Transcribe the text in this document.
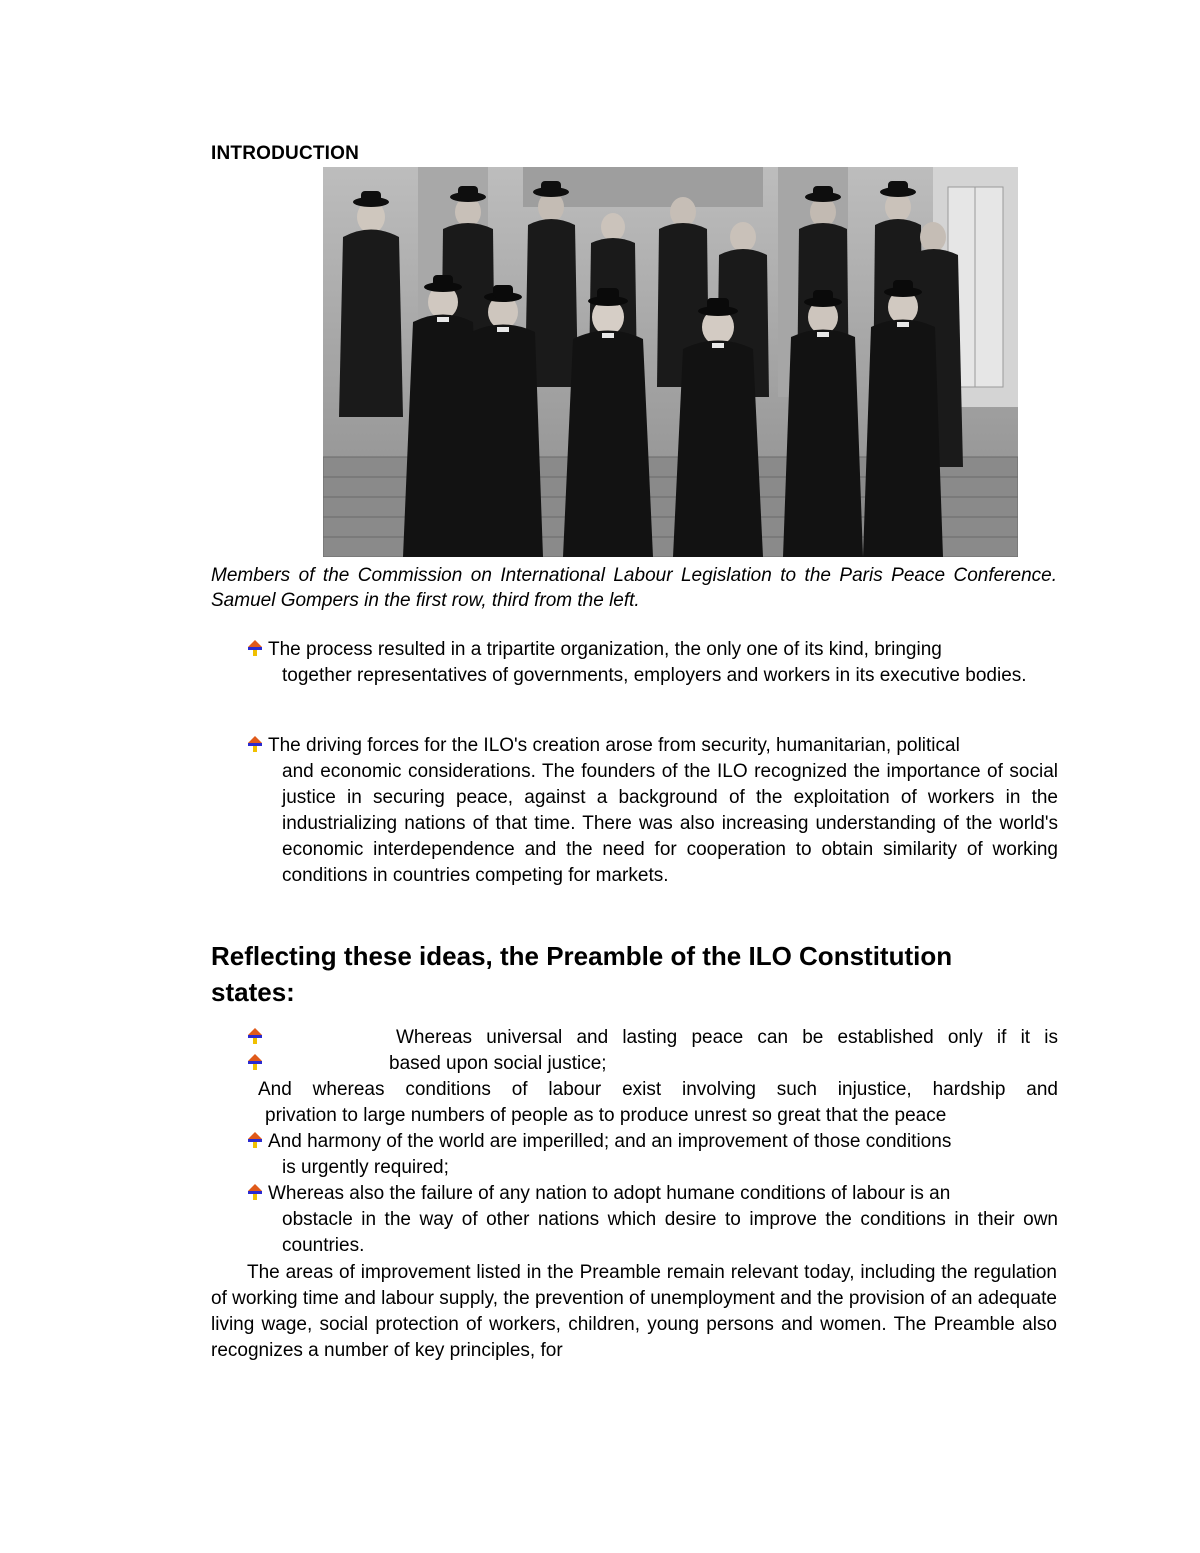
INTRODUCTION
Members of the Commission on International Labour Legislation to the Paris Peace Conference. Samuel Gompers in the first row, third from the left.
The process resulted in a tripartite organization, the only one of its kind, bringing
together representatives of governments, employers and workers in its executive bodies.
The driving forces for the ILO's creation arose from security, humanitarian, political
and economic considerations. The founders of the ILO recognized the importance of social justice in securing peace, against a background of the exploitation of workers in the industrializing nations of that time. There was also increasing understanding of the world's economic interdependence and the need for cooperation to obtain similarity of working conditions in countries competing for markets.
Reflecting these ideas, the Preamble of the ILO Constitution states:
Whereas universal and lasting peace can be established only if it is
based upon social justice;
And whereas conditions of labour exist involving such injustice, hardship and
privation to large numbers of people as to produce unrest so great that the peace
And harmony of the world are imperilled; and an improvement of those conditions
is urgently required;
Whereas also the failure of any nation to adopt humane conditions of labour is an
obstacle in the way of other nations which desire to improve the conditions in their own countries.
The areas of improvement listed in the Preamble remain relevant today, including the regulation of working time and labour supply, the prevention of unemployment and the provision of an adequate living wage, social protection of workers, children, young persons and women. The Preamble also recognizes a number of key principles, for
